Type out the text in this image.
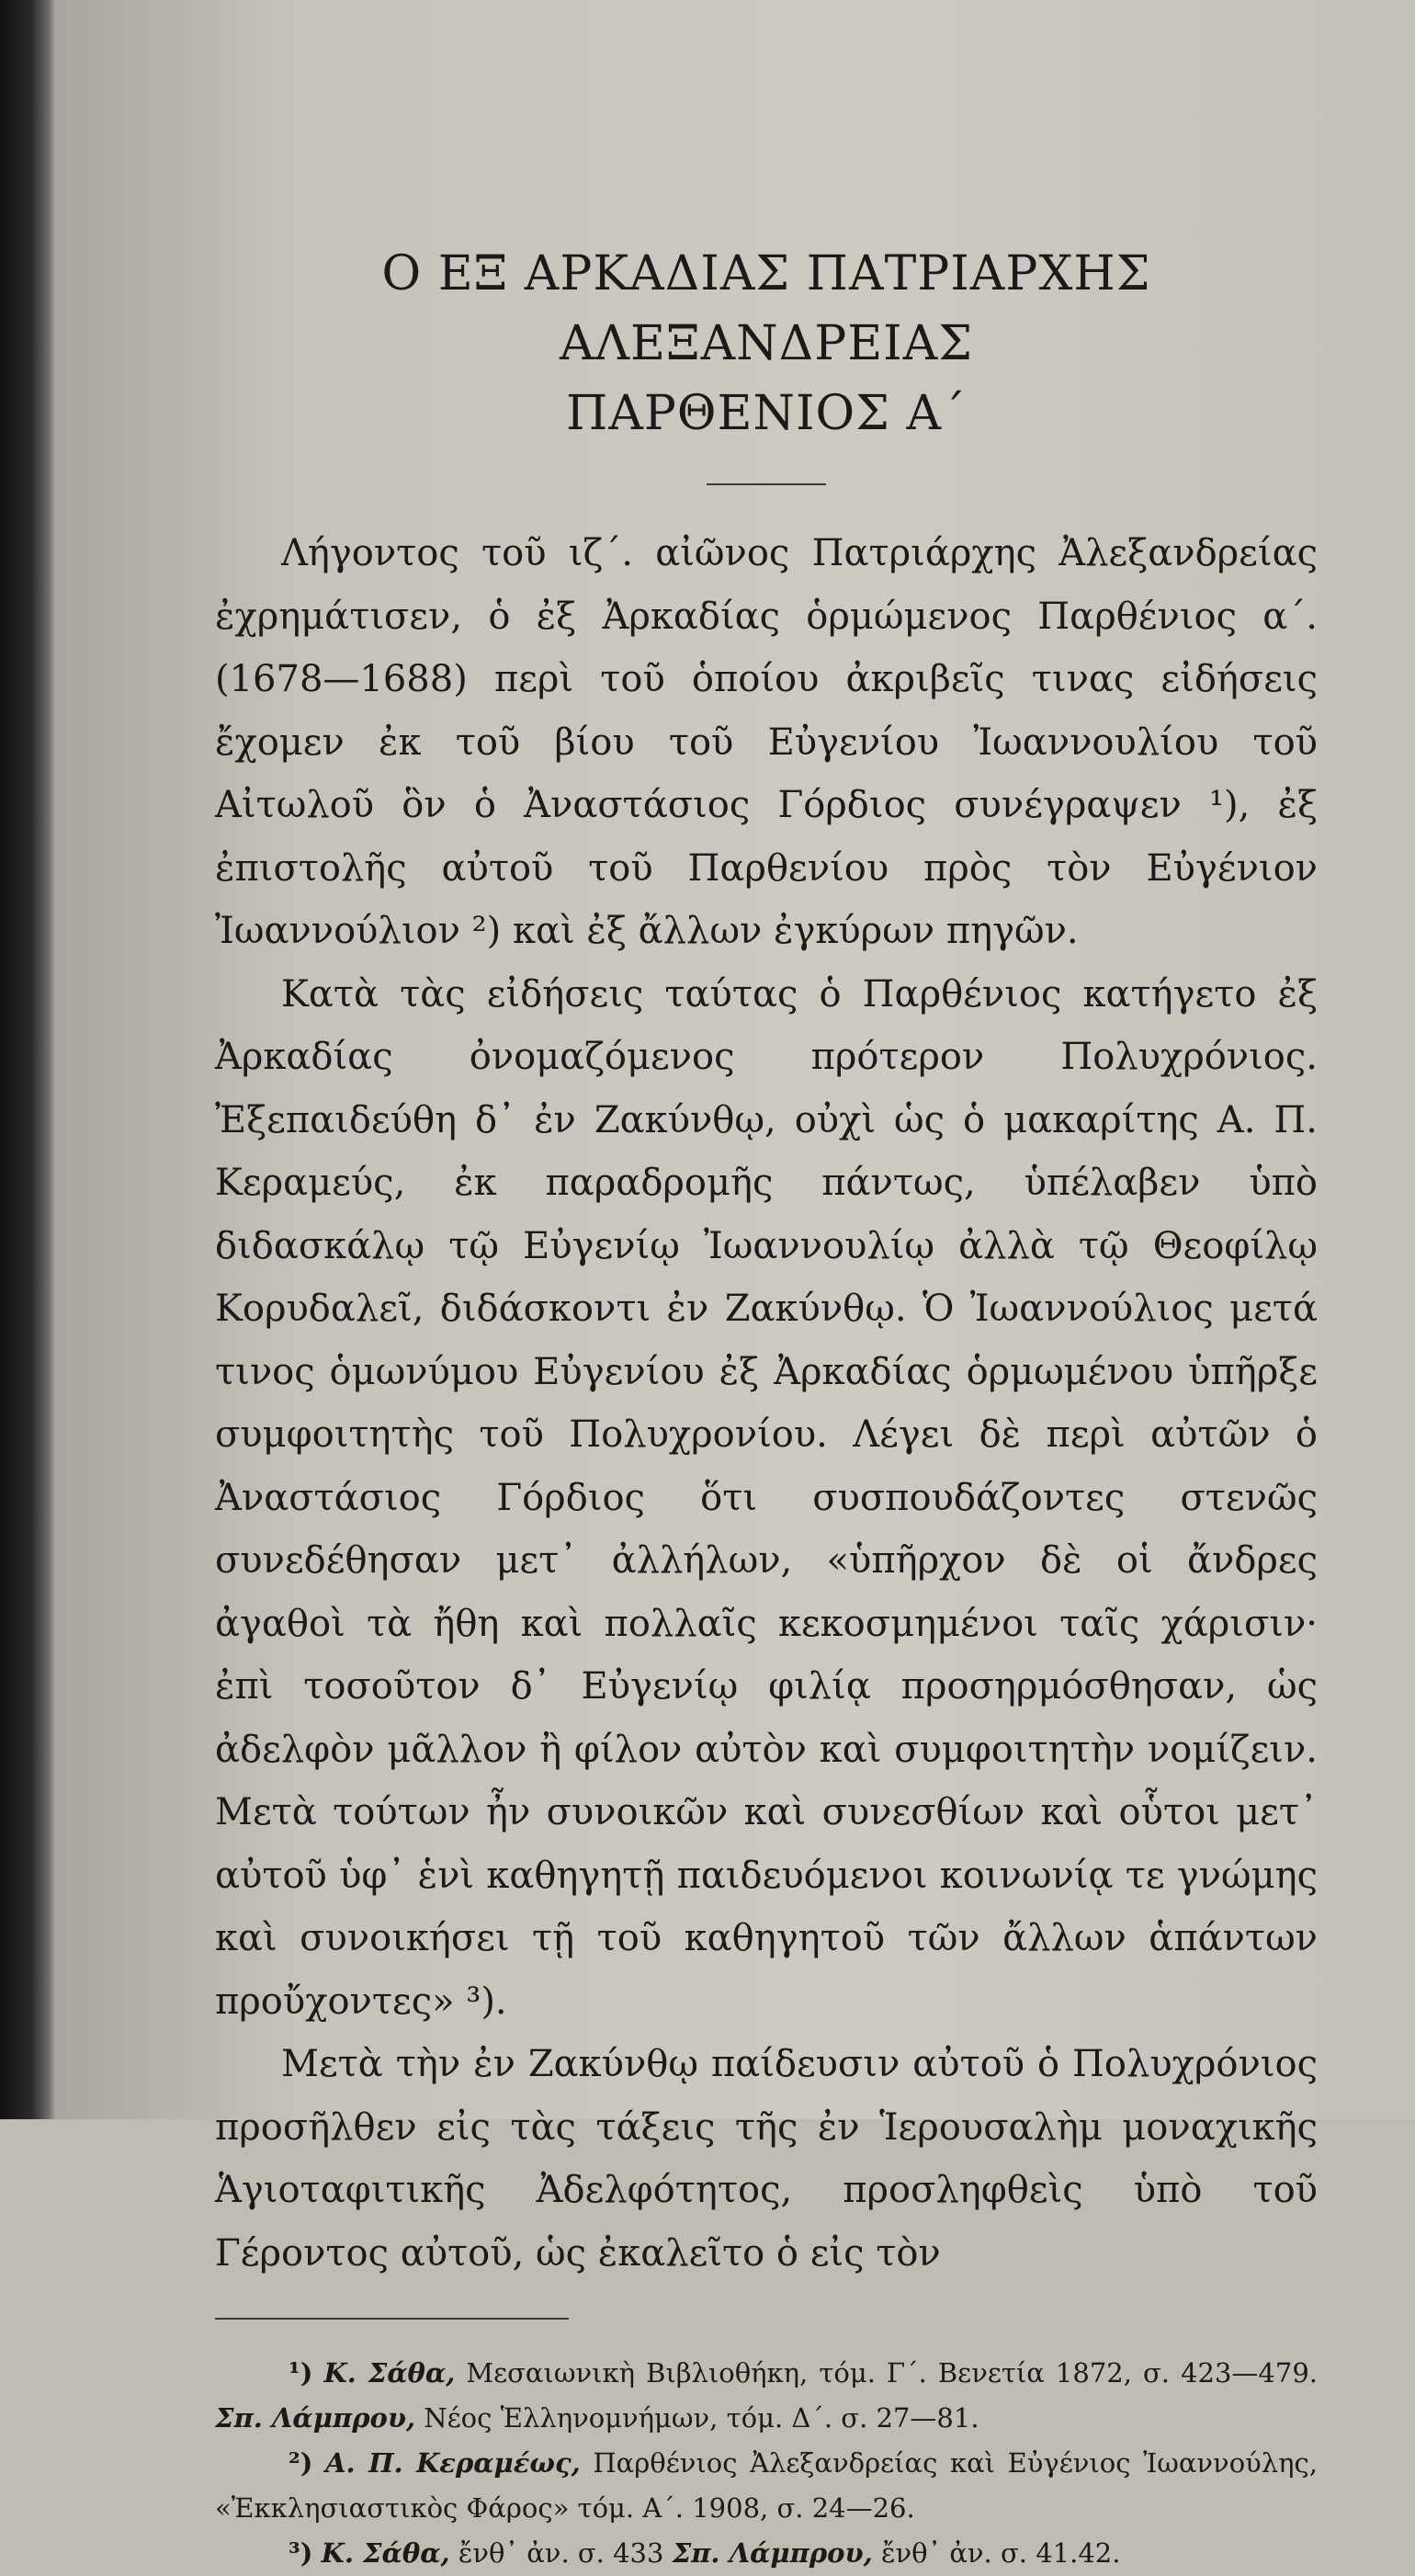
Ο ΕΞ ΑΡΚΑΔΙΑΣ ΠΑΤΡΙΑΡΧΗΣ ΑΛΕΞΑΝΔΡΕΙΑΣ
ΠΑΡΘΕΝΙΟΣ Α΄

Λήγοντος τοῦ ιζ΄. αἰῶνος Πατριάρχης Ἀλεξανδρείας ἐχρημάτισεν, ὁ ἐξ Ἀρκαδίας ὁρμώμενος Παρθένιος α΄. (1678—1688) περὶ τοῦ ὁποίου ἀκριβεῖς τινας εἰδήσεις ἔχομεν ἐκ τοῦ βίου τοῦ Εὐγενίου Ἰωαννουλίου τοῦ Αἰτωλοῦ ὃν ὁ Ἀναστάσιος Γόρδιος συνέγραψεν ¹), ἐξ ἐπιστολῆς αὐτοῦ τοῦ Παρθενίου πρὸς τὸν Εὐγένιον Ἰωαννούλιον ²) καὶ ἐξ ἄλλων ἐγκύρων πηγῶν.

Κατὰ τὰς εἰδήσεις ταύτας ὁ Παρθένιος κατήγετο ἐξ Ἀρκαδίας ὀνομαζόμενος πρότερον Πολυχρόνιος. Ἐξεπαιδεύθη δ᾽ ἐν Ζακύνθῳ, οὐχὶ ὡς ὁ μακαρίτης Α. Π. Κεραμεύς, ἐκ παραδρομῆς πάντως, ὑπέλαβεν ὑπὸ διδασκάλῳ τῷ Εὐγενίῳ Ἰωαννουλίῳ ἀλλὰ τῷ Θεοφίλῳ Κορυδαλεῖ, διδάσκοντι ἐν Ζακύνθῳ. Ὁ Ἰωαννούλιος μετά τινος ὁμωνύμου Εὐγενίου ἐξ Ἀρκαδίας ὁρμωμένου ὑπῆρξε συμφοιτητὴς τοῦ Πολυχρονίου. Λέγει δὲ περὶ αὐτῶν ὁ Ἀναστάσιος Γόρδιος ὅτι συσπουδάζοντες στενῶς συνεδέθησαν μετ᾽ ἀλλήλων, «ὑπῆρχον δὲ οἱ ἄνδρες ἀγαθοὶ τὰ ἤθη καὶ πολλαῖς κεκοσμημένοι ταῖς χάρισιν· ἐπὶ τοσοῦτον δ᾽ Εὐγενίῳ φιλίᾳ προσηρμόσθησαν, ὡς ἀδελφὸν μᾶλλον ἢ φίλον αὐτὸν καὶ συμφοιτητὴν νομίζειν. Μετὰ τούτων ἦν συνοικῶν καὶ συνεσθίων καὶ οὗτοι μετ᾽ αὐτοῦ ὑφ᾽ ἑνὶ καθηγητῇ παιδευόμενοι κοινωνίᾳ τε γνώμης καὶ συνοικήσει τῇ τοῦ καθηγητοῦ τῶν ἄλλων ἁπάντων προὔχοντες» ³).

Μετὰ τὴν ἐν Ζακύνθῳ παίδευσιν αὐτοῦ ὁ Πολυχρόνιος προσῆλθεν εἰς τὰς τάξεις τῆς ἐν Ἱερουσαλὴμ μοναχικῆς Ἁγιοταφιτικῆς Ἀδελφότητος, προσληφθεὶς ὑπὸ τοῦ Γέροντος αὐτοῦ, ὡς ἐκαλεῖτο ὁ εἰς τὸν

¹) Κ. Σάθα, Μεσαιωνικὴ Βιβλιοθήκη, τόμ. Γ΄. Βενετία 1872, σ. 423—479. Σπ. Λάμπρου, Νέος Ἑλληνομνήμων, τόμ. Δ΄. σ. 27—81.

²) Α. Π. Κεραμέως, Παρθένιος Ἀλεξανδρείας καὶ Εὐγένιος Ἰωαννούλης, «Ἐκκλησιαστικὸς Φάρος» τόμ. Α΄. 1908, σ. 24—26.

³) Κ. Σάθα, ἔνθ᾽ ἀν. σ. 433 Σπ. Λάμπρου, ἔνθ᾽ ἀν. σ. 41.42.
